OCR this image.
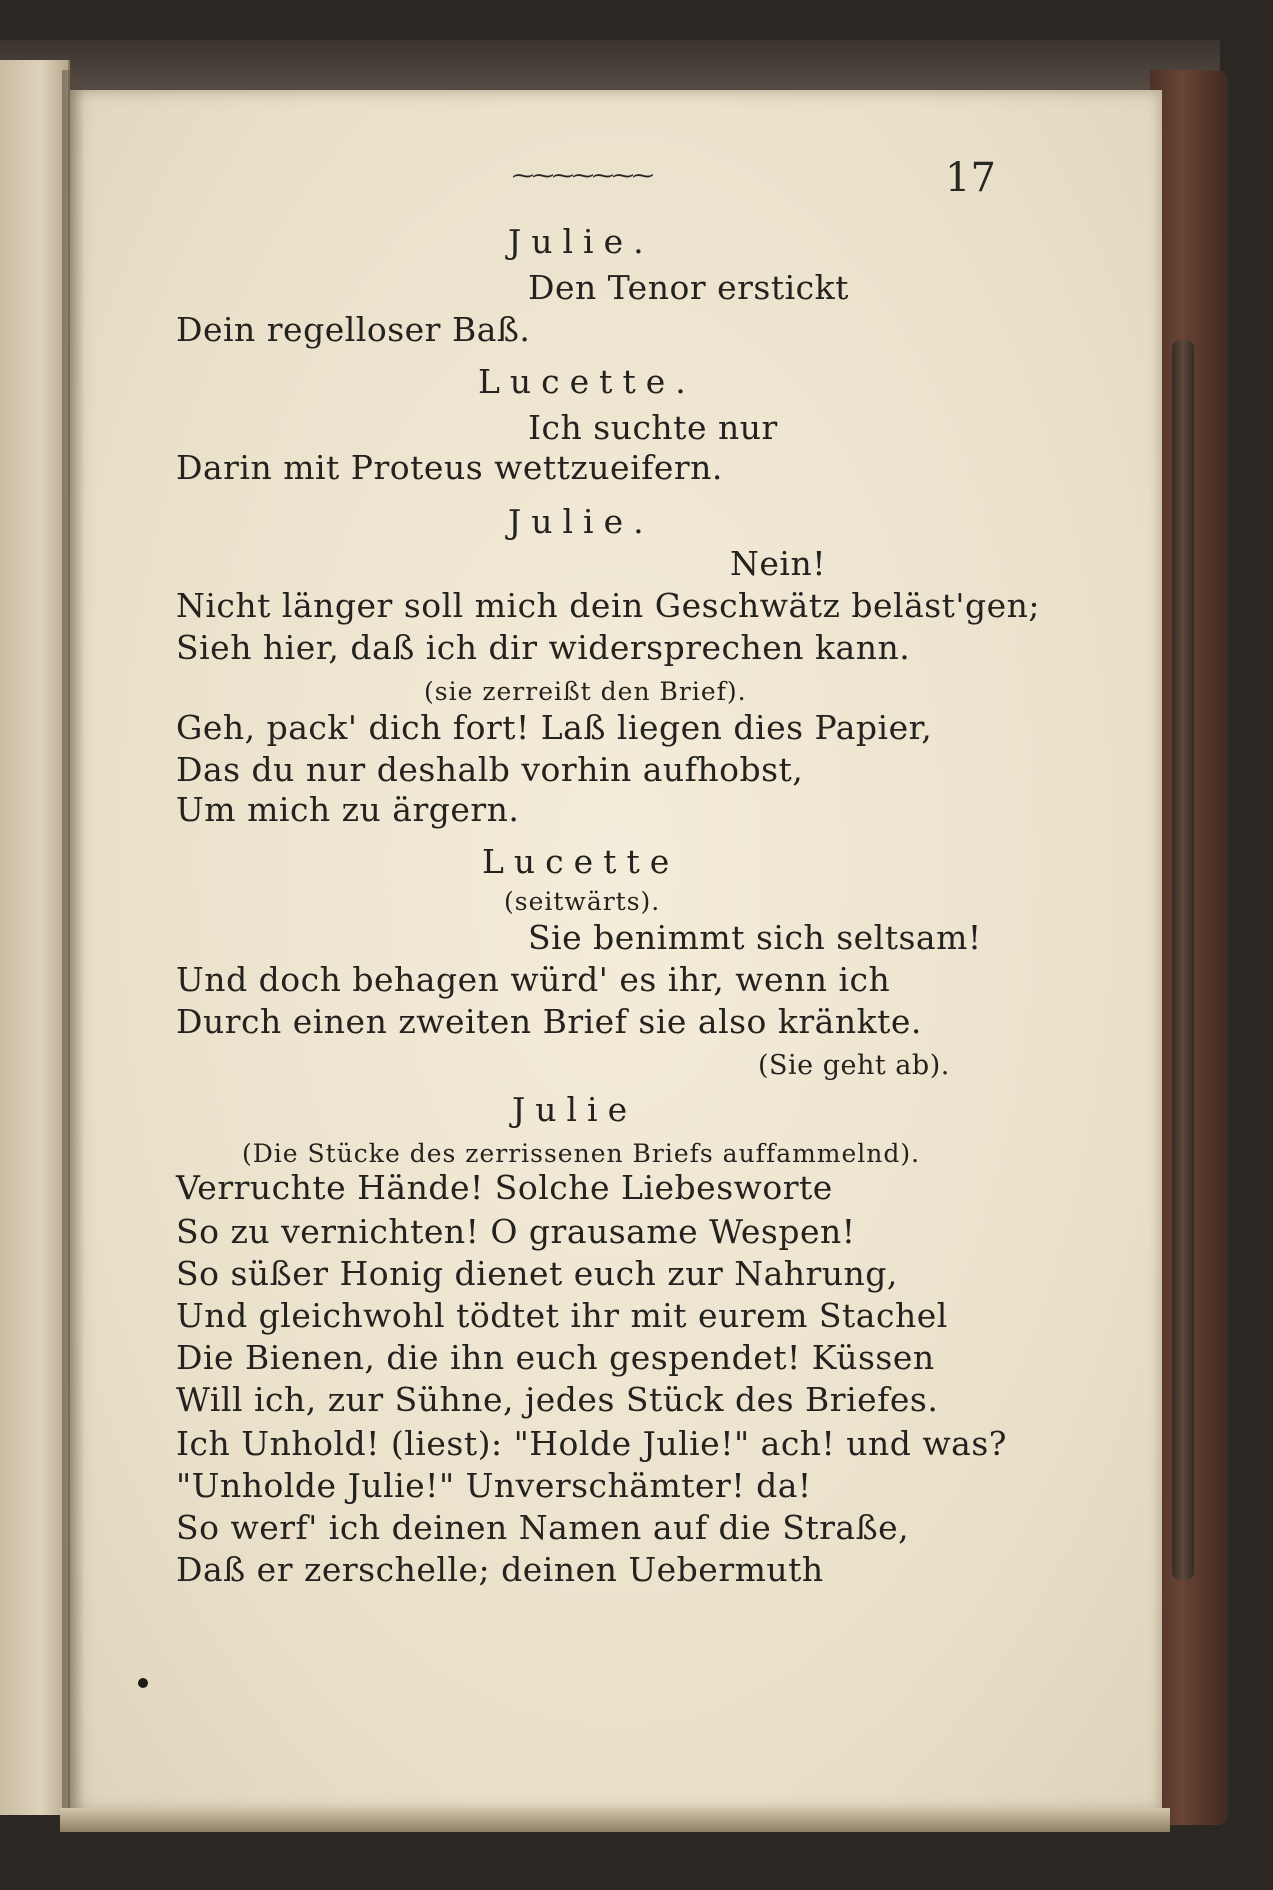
⁓⁓⁓⁓⁓⁓⁓	17
Julie.
Den Tenor erstickt
Dein regelloser Baß.
Lucette.
Ich suchte nur
Darin mit Proteus wettzueifern.
Julie.
Nein!
Nicht länger soll mich dein Geschwätz beläst'gen;
Sieh hier, daß ich dir widersprechen kann.
(sie zerreißt den Brief).
Geh, pack' dich fort! Laß liegen dies Papier,
Das du nur deshalb vorhin aufhobst,
Um mich zu ärgern.
Lucette
(seitwärts).
Sie benimmt sich seltsam!
Und doch behagen würd' es ihr, wenn ich
Durch einen zweiten Brief sie also kränkte.
(Sie geht ab).
Julie
(Die Stücke des zerrissenen Briefs auffammelnd).
Verruchte Hände! Solche Liebesworte
So zu vernichten! O grausame Wespen!
So süßer Honig dienet euch zur Nahrung,
Und gleichwohl tödtet ihr mit eurem Stachel
Die Bienen, die ihn euch gespendet! Küssen
Will ich, zur Sühne, jedes Stück des Briefes.
Ich Unhold! (liest): "Holde Julie!" ach! und was?
"Unholde Julie!" Unverschämter! da!
So werf' ich deinen Namen auf die Straße,
Daß er zerschelle; deinen Uebermuth
